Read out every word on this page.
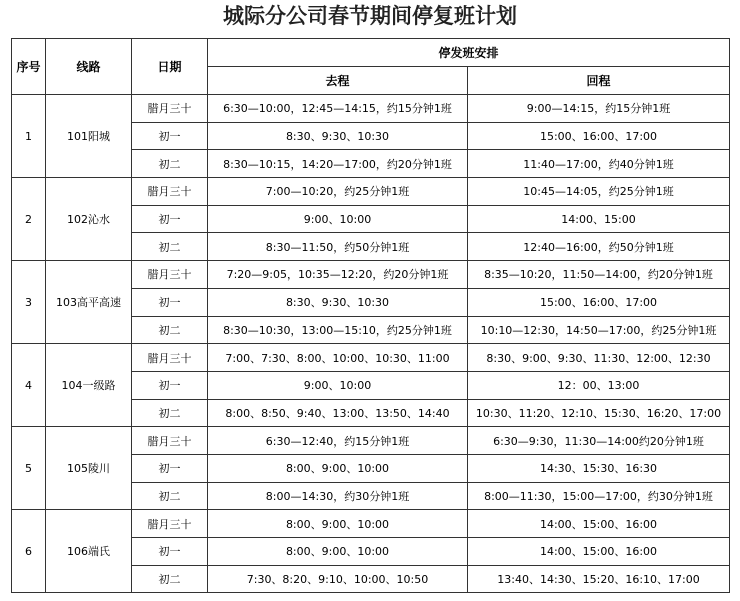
城际分公司春节期间停复班计划
序号	线路	日期	停发班安排	
			去程	回程
1	101阳城	腊月三十	6:30—10:00，12:45—14:15，约15分钟1班	9:00—14:15，约15分钟1班
		初一	8:30、9:30、10:30	15:00、16:00、17:00
		初二	8:30—10:15，14:20—17:00，约20分钟1班	11:40—17:00，约40分钟1班
2	102沁水	腊月三十	7:00—10:20，约25分钟1班	10:45—14:05，约25分钟1班
		初一	9:00、10:00	14:00、15:00
		初二	8:30—11:50，约50分钟1班	12:40—16:00，约50分钟1班
3	103高平高速	腊月三十	7:20—9:05，10:35—12:20，约20分钟1班	8:35—10:20，11:50—14:00，约20分钟1班
		初一	8:30、9:30、10:30	15:00、16:00、17:00
		初二	8:30—10:30，13:00—15:10，约25分钟1班	10:10—12:30，14:50—17:00，约25分钟1班
4	104一级路	腊月三十	7:00、7:30、8:00、10:00、10:30、11:00	8:30、9:00、9:30、11:30、12:00、12:30
		初一	9:00、10:00	12：00、13:00
		初二	8:00、8:50、9:40、13:00、13:50、14:40	10:30、11:20、12:10、15:30、16:20、17:00
5	105陵川	腊月三十	6:30—12:40，约15分钟1班	6:30—9:30，11:30—14:00约20分钟1班
		初一	8:00、9:00、10:00	14:30、15:30、16:30
		初二	8:00—14:30，约30分钟1班	8:00—11:30，15:00—17:00，约30分钟1班
6	106端氏	腊月三十	8:00、9:00、10:00	14:00、15:00、16:00
		初一	8:00、9:00、10:00	14:00、15:00、16:00
		初二	7:30、8:20、9:10、10:00、10:50	13:40、14:30、15:20、16:10、17:00
